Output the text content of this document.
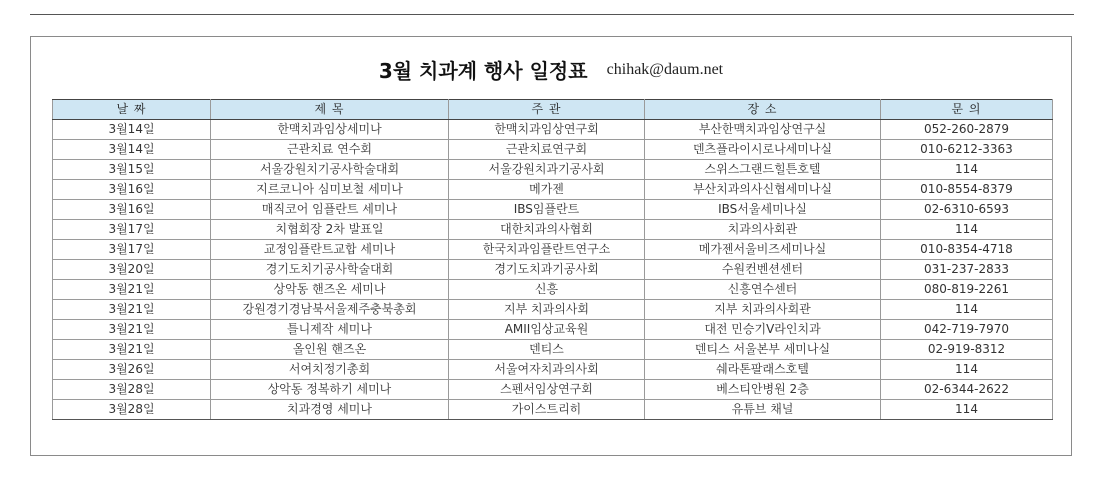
3월 치과계 행사 일정표 chihak@daum.net
날 짜	제 목	주 관	장 소	문 의
3월14일	한맥치과임상세미나	한맥치과임상연구회	부산한맥치과임상연구실	052-260-2879
3월14일	근관치료 연수회	근관치료연구회	덴츠플라이시로나세미나실	010-6212-3363
3월15일	서울강원치기공사학술대회	서울강원치과기공사회	스위스그랜드힐튼호텔	114
3월16일	지르코니아 심미보철 세미나	메가젠	부산치과의사신협세미나실	010-8554-8379
3월16일	매직코어 임플란트 세미나	IBS임플란트	IBS서울세미나실	02-6310-6593
3월17일	치협회장 2차 발표일	대한치과의사협회	치과의사회관	114
3월17일	교정임플란트교합 세미나	한국치과임플란트연구소	메가젠서울비즈세미나실	010-8354-4718
3월20일	경기도치기공사학술대회	경기도치과기공사회	수원컨벤션센터	031-237-2833
3월21일	상악동 핸즈온 세미나	신흥	신흥연수센터	080-819-2261
3월21일	강원경기경남북서울제주충북총회	지부 치과의사회	지부 치과의사회관	114
3월21일	틀니제작 세미나	AMII임상교육원	대전 민승기V라인치과	042-719-7970
3월21일	올인원 핸즈온	덴티스	덴티스 서울본부 세미나실	02-919-8312
3월26일	서여치정기총회	서울여자치과의사회	쉐라톤팔래스호텔	114
3월28일	상악동 정복하기 세미나	스펜서임상연구회	베스티안병원 2층	02-6344-2622
3월28일	치과경영 세미나	가이스트리히	유튜브 채널	114
